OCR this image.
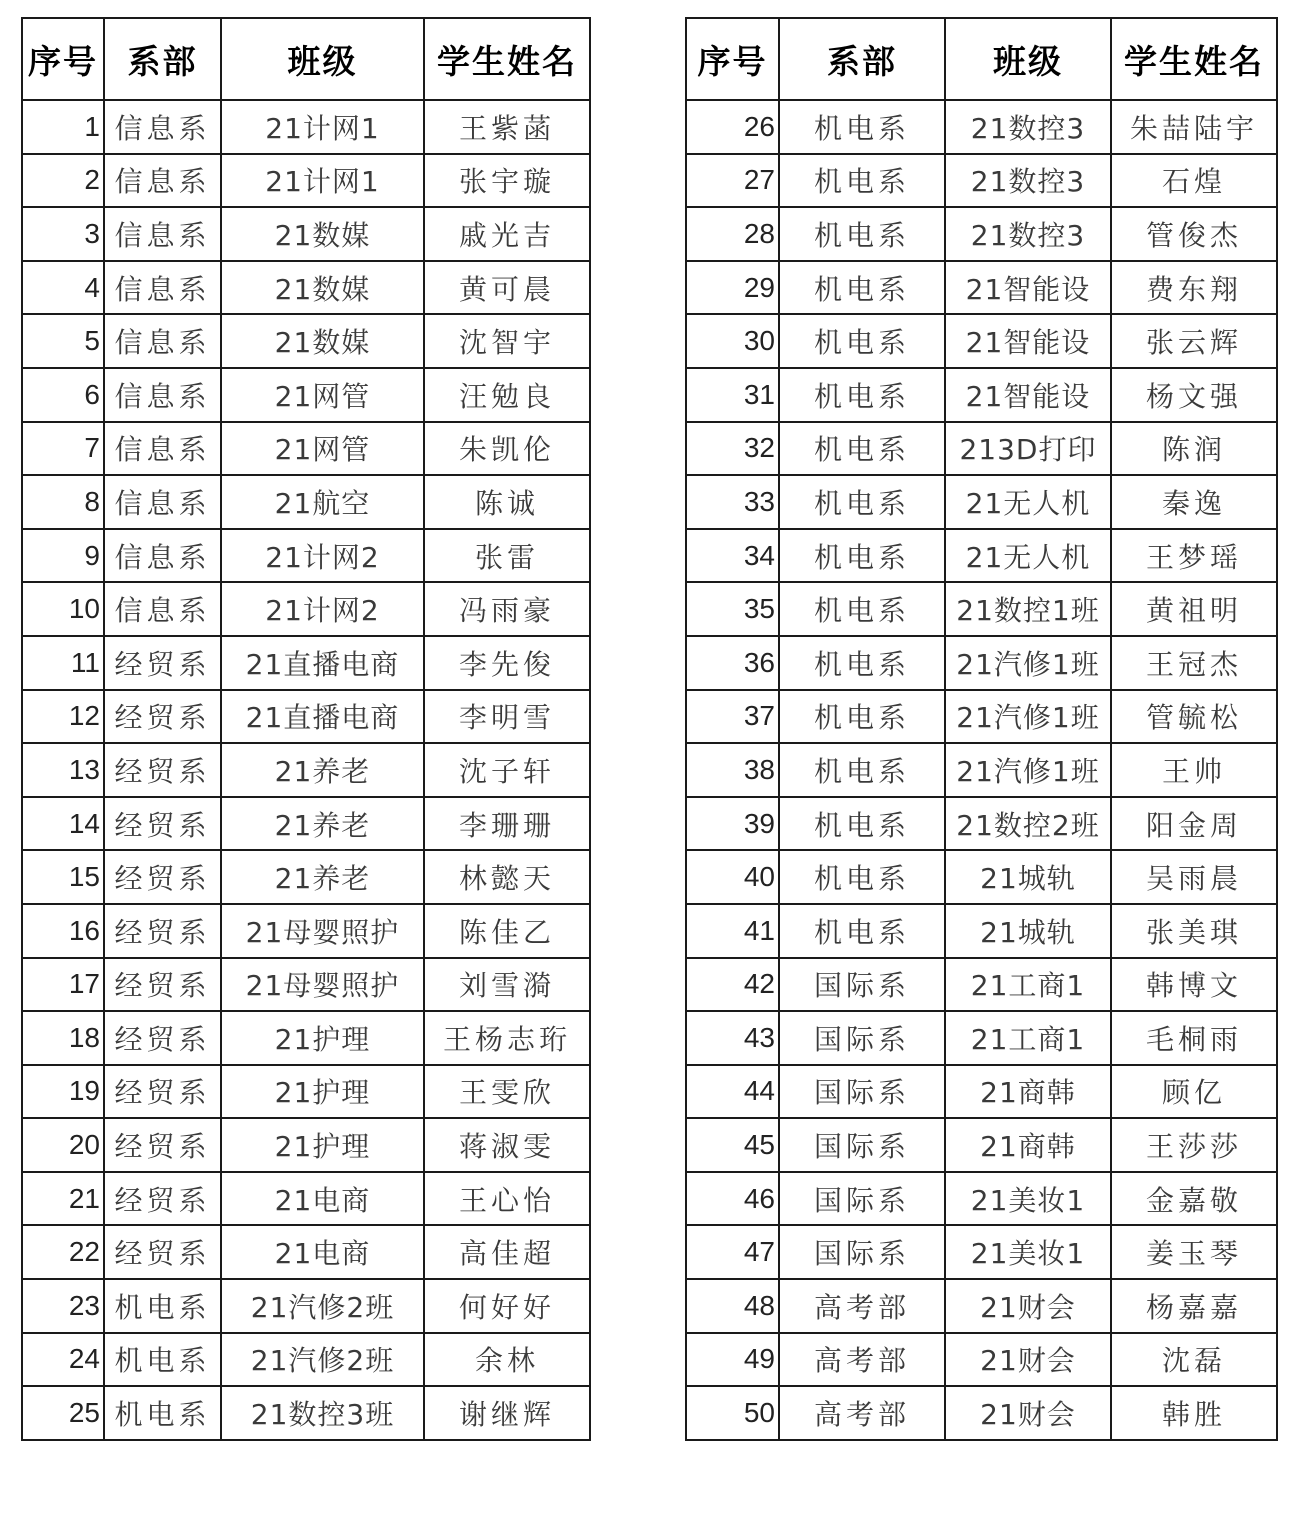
序号	系部	班级	学生姓名
1	信息系	21计网1	王紫菡
2	信息系	21计网1	张宇璇
3	信息系	21数媒	戚光吉
4	信息系	21数媒	黄可晨
5	信息系	21数媒	沈智宇
6	信息系	21网管	汪勉良
7	信息系	21网管	朱凯伦
8	信息系	21航空	陈诚
9	信息系	21计网2	张雷
10	信息系	21计网2	冯雨豪
11	经贸系	21直播电商	李先俊
12	经贸系	21直播电商	李明雪
13	经贸系	21养老	沈子轩
14	经贸系	21养老	李珊珊
15	经贸系	21养老	林懿天
16	经贸系	21母婴照护	陈佳乙
17	经贸系	21母婴照护	刘雪漪
18	经贸系	21护理	王杨志珩
19	经贸系	21护理	王雯欣
20	经贸系	21护理	蒋淑雯
21	经贸系	21电商	王心怡
22	经贸系	21电商	高佳超
23	机电系	21汽修2班	何好好
24	机电系	21汽修2班	余林
25	机电系	21数控3班	谢继辉
序号	系部	班级	学生姓名
26	机电系	21数控3	朱喆陆宇
27	机电系	21数控3	石煌
28	机电系	21数控3	管俊杰
29	机电系	21智能设	费东翔
30	机电系	21智能设	张云辉
31	机电系	21智能设	杨文强
32	机电系	213D打印	陈润
33	机电系	21无人机	秦逸
34	机电系	21无人机	王梦瑶
35	机电系	21数控1班	黄祖明
36	机电系	21汽修1班	王冠杰
37	机电系	21汽修1班	管毓松
38	机电系	21汽修1班	王帅
39	机电系	21数控2班	阳金周
40	机电系	21城轨	吴雨晨
41	机电系	21城轨	张美琪
42	国际系	21工商1	韩博文
43	国际系	21工商1	毛桐雨
44	国际系	21商韩	顾亿
45	国际系	21商韩	王莎莎
46	国际系	21美妆1	金嘉敬
47	国际系	21美妆1	姜玉琴
48	高考部	21财会	杨嘉嘉
49	高考部	21财会	沈磊
50	高考部	21财会	韩胜
